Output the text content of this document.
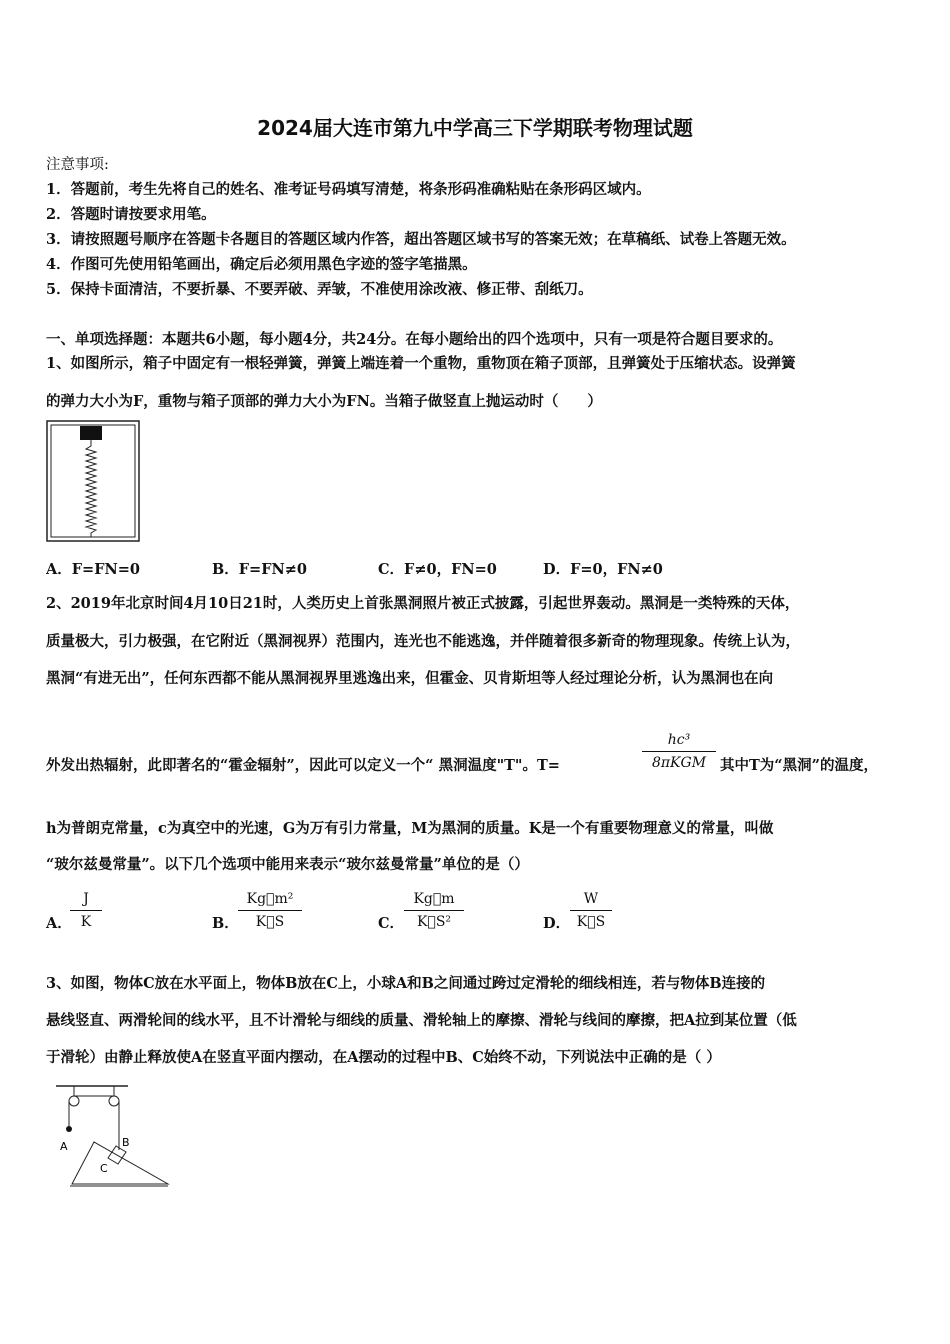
2024届大连市第九中学高三下学期联考物理试题
注意事项:
1．答题前，考生先将自己的姓名、准考证号码填写清楚，将条形码准确粘贴在条形码区域内。
2．答题时请按要求用笔。
3．请按照题号顺序在答题卡各题目的答题区域内作答，超出答题区域书写的答案无效；在草稿纸、试卷上答题无效。
4．作图可先使用铅笔画出，确定后必须用黑色字迹的签字笔描黑。
5．保持卡面清洁，不要折暴、不要弄破、弄皱，不准使用涂改液、修正带、刮纸刀。
一、单项选择题：本题共6小题，每小题4分，共24分。在每小题给出的四个选项中，只有一项是符合题目要求的。
1、如图所示，箱子中固定有一根轻弹簧，弹簧上端连着一个重物，重物顶在箱子顶部，且弹簧处于压缩状态。设弹簧
的弹力大小为F，重物与箱子顶部的弹力大小为FN。当箱子做竖直上抛运动时（　　）
A．F=FN=0	B．F=FN≠0	C．F≠0，FN=0	D．F=0，FN≠0
2、2019年北京时间4月10日21时，人类历史上首张黑洞照片被正式披露，引起世界轰动。黑洞是一类特殊的天体，
质量极大，引力极强，在它附近（黑洞视界）范围内，连光也不能逃逸，并伴随着很多新奇的物理现象。传统上认为，
黑洞“有进无出”，任何东西都不能从黑洞视界里逃逸出来，但霍金、贝肯斯坦等人经过理论分析，认为黑洞也在向
外发出热辐射，此即著名的“霍金辐射”，因此可以定义一个“ 黑洞温度"T"。T=
hc³
8πKGM 其中T为“黑洞”的温度，
h为普朗克常量，c为真空中的光速，G为万有引力常量，M为黑洞的质量。K是一个有重要物理意义的常量，叫做
“玻尔兹曼常量”。以下几个选项中能用来表示“玻尔兹曼常量”单位的是（）
A．
J
K	B．
Kg⃞m²
K⃞S	C．
Kg⃞m
K⃞S²	D．
W
K⃞S
3、如图，物体C放在水平面上，物体B放在C上，小球A和B之间通过跨过定滑轮的细线相连，若与物体B连接的
悬线竖直、两滑轮间的线水平，且不计滑轮与细线的质量、滑轮轴上的摩擦、滑轮与线间的摩擦，把A拉到某位置（低
于滑轮）由静止释放使A在竖直平面内摆动，在A摆动的过程中B、C始终不动，下列说法中正确的是（ ）
A	B
C
